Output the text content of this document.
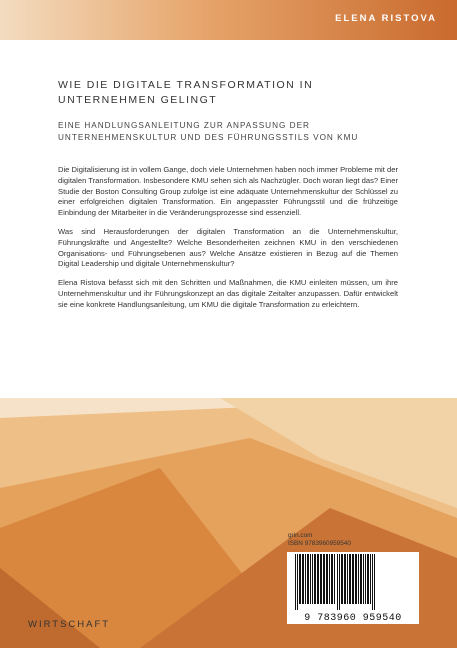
ELENA RISTOVA
WIE DIE DIGITALE TRANSFORMATION IN UNTERNEHMEN GELINGT
EINE HANDLUNGSANLEITUNG ZUR ANPASSUNG DER UNTERNEHMENSKULTUR UND DES FÜHRUNGSSTILS VON KMU

Die Digitalisierung ist in vollem Gange, doch viele Unternehmen haben noch immer Probleme mit der digitalen Transformation. Insbesondere KMU sehen sich als Nachzügler. Doch woran liegt das? Einer Studie der Boston Consulting Group zufolge ist eine adäquate Unternehmenskultur der Schlüssel zu einer erfolgreichen digitalen Transformation. Ein angepasster Führungsstil und die frühzeitige Einbindung der Mitarbeiter in die Veränderungsprozesse sind essenziell.

Was sind Herausforderungen der digitalen Transformation an die Unternehmenskultur, Führungskräfte und Angestellte? Welche Besonderheiten zeichnen KMU in den verschiedenen Organisations- und Führungsebenen aus? Welche Ansätze existieren in Bezug auf die Themen Digital Leadership und digitale Unternehmenskultur?

Elena Ristova befasst sich mit den Schritten und Maßnahmen, die KMU einleiten müssen, um ihre Unternehmenskultur und ihr Führungskonzept an das digitale Zeitalter anzupassen. Dafür entwickelt sie eine konkrete Handlungsanleitung, um KMU die digitale Transformation zu erleichtern.

grin.com
ISBN 9783960959540
9 783960 959540
WIRTSCHAFT
